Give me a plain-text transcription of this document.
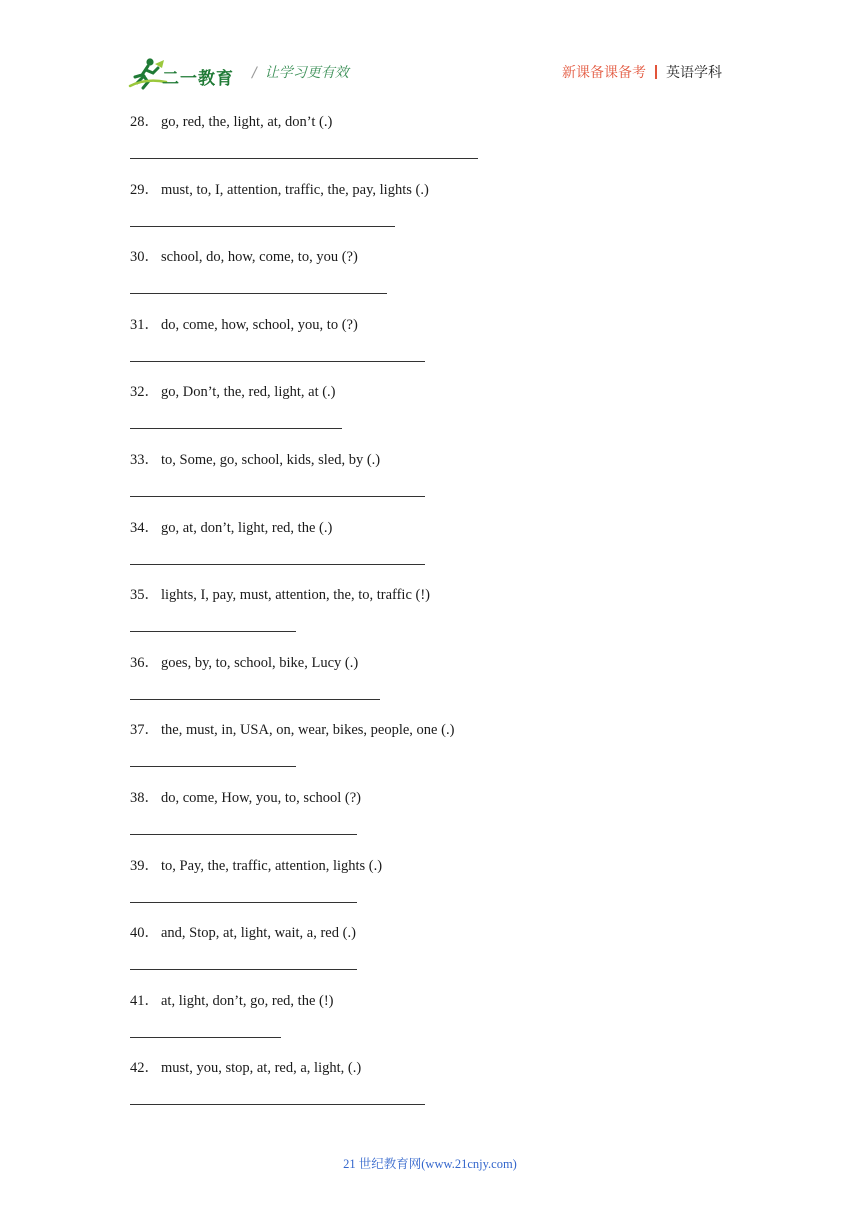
二一教育 / 让学习更有效	新课备课备考 英语学科
28． go, red, the, light, at, don’t (.)
29． must, to, I, attention, traffic, the, pay, lights (.)
30． school, do, how, come, to, you (?)
31． do, come, how, school, you, to (?)
32． go, Don’t, the, red, light, at (.)
33． to, Some, go, school, kids, sled, by (.)
34． go, at, don’t, light, red, the (.)
35． lights, I, pay, must, attention, the, to, traffic (!)
36． goes, by, to, school, bike, Lucy (.)
37． the, must, in, USA, on, wear, bikes, people, one (.)
38． do, come, How, you, to, school (?)
39． to, Pay, the, traffic, attention, lights (.)
40． and, Stop, at, light, wait, a, red (.)
41． at, light, don’t, go, red, the (!)
42． must, you, stop, at, red, a, light, (.)
21 世纪教育网(www.21cnjy.com)
